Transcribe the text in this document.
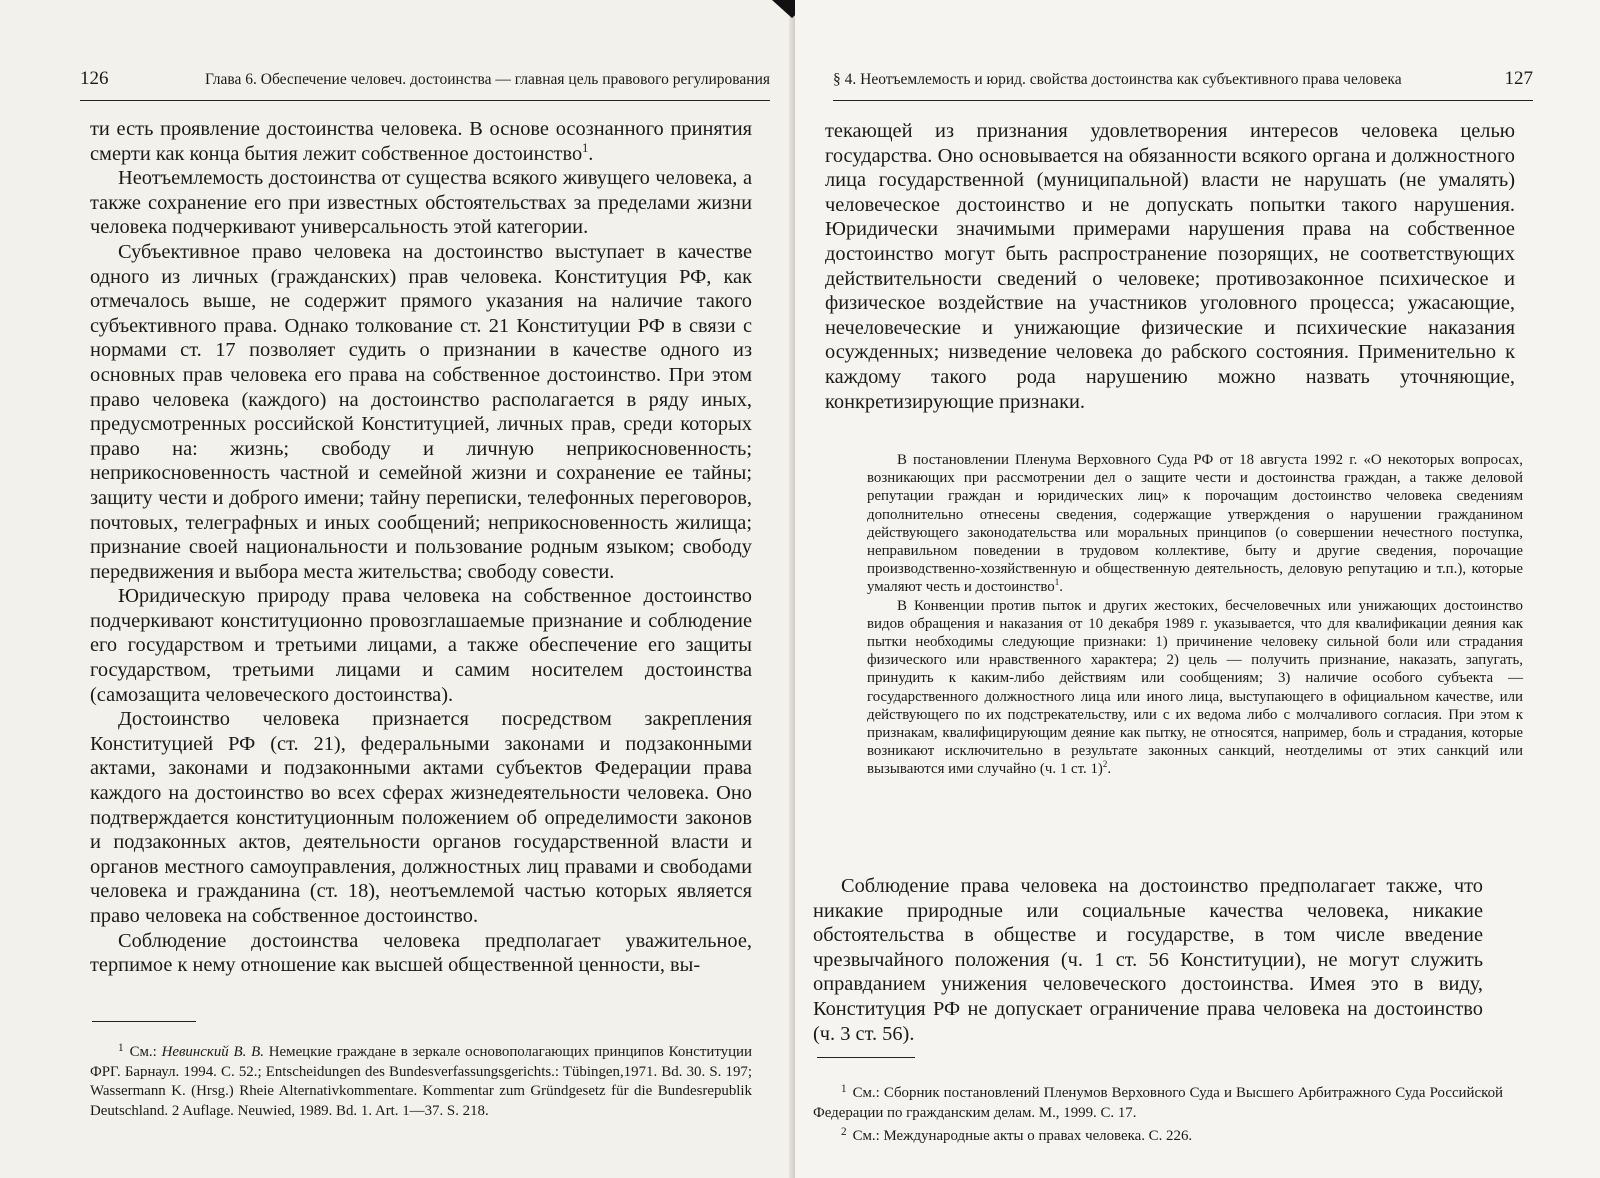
126	Глава 6. Обеспечение человеч. достоинства — главная цель правового регулирования

ти есть проявление достоинства человека. В основе осознанного принятия смерти как конца бытия лежит собственное достоинство$^1$.

Неотъемлемость достоинства от существа всякого живущего человека, а также сохранение его при известных обстоятельствах за пределами жизни человека подчеркивают универсальность этой категории.

Субъективное право человека на достоинство выступает в качестве одного из личных (гражданских) прав человека. Конституция РФ, как отмечалось выше, не содержит прямого указания на наличие такого субъективного права. Однако толкование ст. 21 Конституции РФ в связи с нормами ст. 17 позволяет судить о признании в качестве одного из основных прав человека его права на собственное достоинство. При этом право человека (каждого) на достоинство располагается в ряду иных, предусмотренных российской Конституцией, личных прав, среди которых право на: жизнь; свободу и личную неприкосновенность; неприкосновенность частной и семейной жизни и сохранение ее тайны; защиту чести и доброго имени; тайну переписки, телефонных переговоров, почтовых, телеграфных и иных сообщений; неприкосновенность жилища; признание своей национальности и пользование родным языком; свободу передвижения и выбора места жительства; свободу совести.

Юридическую природу права человека на собственное достоинство подчеркивают конституционно провозглашаемые признание и соблюдение его государством и третьими лицами, а также обеспечение его защиты государством, третьими лицами и самим носителем достоинства (самозащита человеческого достоинства).

Достоинство человека признается посредством закрепления Конституцией РФ (ст. 21), федеральными законами и подзаконными актами, законами и подзаконными актами субъектов Федерации права каждого на достоинство во всех сферах жизнедеятельности человека. Оно подтверждается конституционным положением об определимости законов и подзаконных актов, деятельности органов государственной власти и органов местного самоуправления, должностных лиц правами и свободами человека и гражданина (ст. 18), неотъемлемой частью которых является право человека на собственное достоинство.

Соблюдение достоинства человека предполагает уважительное, терпимое к нему отношение как высшей общественной ценности, вы-

$^1$ См.: Невинский В. В. Немецкие граждане в зеркале основополагающих принципов Конституции ФРГ. Барнаул. 1994. С. 52.; Entscheidungen des Bundesverfassungsgerichts.: Tübingen,1971. Bd. 30. S. 197; Wassermann K. (Hrsg.) Rheie Alternativkommentare. Kommentar zum Gründgesetz für die Bundesrepublik Deutschland. 2 Auflage. Neuwied, 1989. Bd. 1. Art. 1—37. S. 218.

§ 4. Неотъемлемость и юрид. свойства достоинства как субъективного права человека	127

текающей из признания удовлетворения интересов человека целью государства. Оно основывается на обязанности всякого органа и должностного лица государственной (муниципальной) власти не нарушать (не умалять) человеческое достоинство и не допускать попытки такого нарушения. Юридически значимыми примерами нарушения права на собственное достоинство могут быть распространение позорящих, не соответствующих действительности сведений о человеке; противозаконное психическое и физическое воздействие на участников уголовного процесса; ужасающие, нечеловеческие и унижающие физические и психические наказания осужденных; низведение человека до рабского состояния. Применительно к каждому такого рода нарушению можно назвать уточняющие, конкретизирующие признаки.

В постановлении Пленума Верховного Суда РФ от 18 августа 1992 г. «О некоторых вопросах, возникающих при рассмотрении дел о защите чести и достоинства граждан, а также деловой репутации граждан и юридических лиц» к порочащим достоинство человека сведениям дополнительно отнесены сведения, содержащие утверждения о нарушении гражданином действующего законодательства или моральных принципов (о совершении нечестного поступка, неправильном поведении в трудовом коллективе, быту и другие сведения, порочащие производственно-хозяйственную и общественную деятельность, деловую репутацию и т.п.), которые умаляют честь и достоинство$^1$.

В Конвенции против пыток и других жестоких, бесчеловечных или унижающих достоинство видов обращения и наказания от 10 декабря 1989 г. указывается, что для квалификации деяния как пытки необходимы следующие признаки: 1) причинение человеку сильной боли или страдания физического или нравственного характера; 2) цель — получить признание, наказать, запугать, принудить к каким-либо действиям или сообщениям; 3) наличие особого субъекта — государственного должностного лица или иного лица, выступающего в официальном качестве, или действующего по их подстрекательству, или с их ведома либо с молчаливого согласия. При этом к признакам, квалифицирующим деяние как пытку, не относятся, например, боль и страдания, которые возникают исключительно в результате законных санкций, неотделимы от этих санкций или вызываются ими случайно (ч. 1 ст. 1)$^2$.

Соблюдение права человека на достоинство предполагает также, что никакие природные или социальные качества человека, никакие обстоятельства в обществе и государстве, в том числе введение чрезвычайного положения (ч. 1 ст. 56 Конституции), не могут служить оправданием унижения человеческого достоинства. Имея это в виду, Конституция РФ не допускает ограничение права человека на достоинство (ч. 3 ст. 56).

$^1$ См.: Сборник постановлений Пленумов Верховного Суда и Высшего Арбитражного Суда Российской Федерации по гражданским делам. М., 1999. С. 17.

$^2$ См.: Международные акты о правах человека. С. 226.
